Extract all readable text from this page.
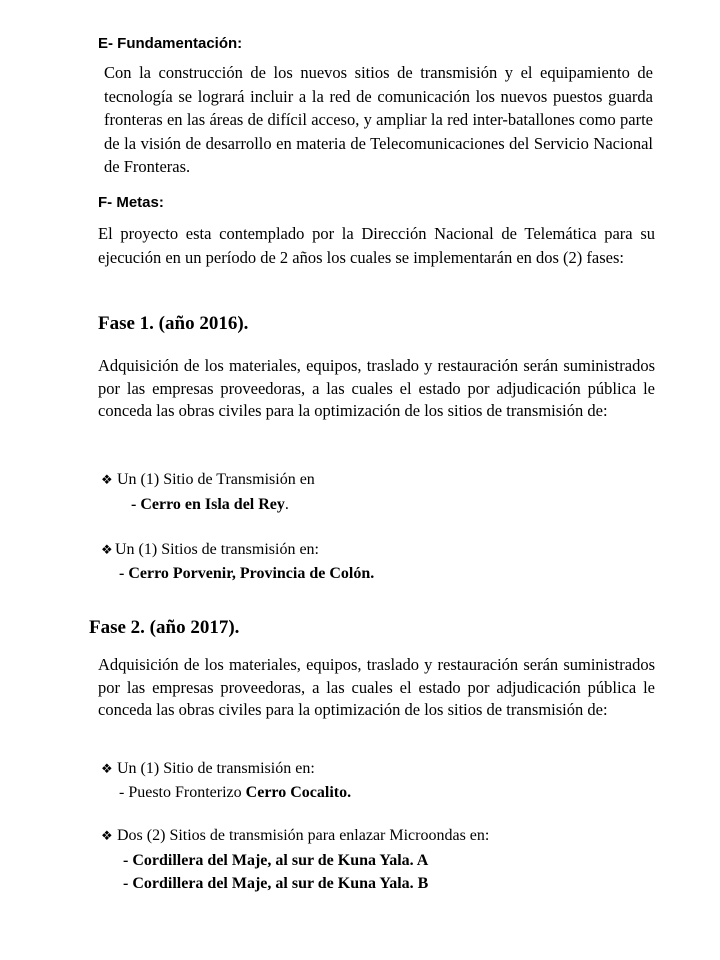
E- Fundamentación:

Con la construcción de los nuevos sitios de transmisión y el equipamiento de tecnología se logrará incluir a la red de comunicación los nuevos puestos guarda fronteras en las áreas de difícil acceso, y ampliar la red inter-batallones como parte de la visión de desarrollo en materia de Telecomunicaciones del Servicio Nacional de Fronteras.

F- Metas:

El proyecto esta contemplado por la Dirección Nacional de Telemática para su ejecución en un período de 2 años los cuales se implementarán en dos (2) fases:

Fase 1. (año 2016).

Adquisición de los materiales, equipos, traslado y restauración serán suministrados por las empresas proveedoras, a las cuales el estado por adjudicación pública le conceda las obras civiles para la optimización de los sitios de transmisión de:

❖ Un (1) Sitio de Transmisión en
- Cerro en Isla del Rey.
❖ Un (1) Sitios de transmisión en:
- Cerro Porvenir, Provincia de Colón.
Fase 2. (año 2017).

Adquisición de los materiales, equipos, traslado y restauración serán suministrados por las empresas proveedoras, a las cuales el estado por adjudicación pública le conceda las obras civiles para la optimización de los sitios de transmisión de:

❖ Un (1) Sitio de transmisión en:
- Puesto Fronterizo Cerro Cocalito.
❖ Dos (2) Sitios de transmisión para enlazar Microondas en:
- Cordillera del Maje, al sur de Kuna Yala. A
- Cordillera del Maje, al sur de Kuna Yala. B
